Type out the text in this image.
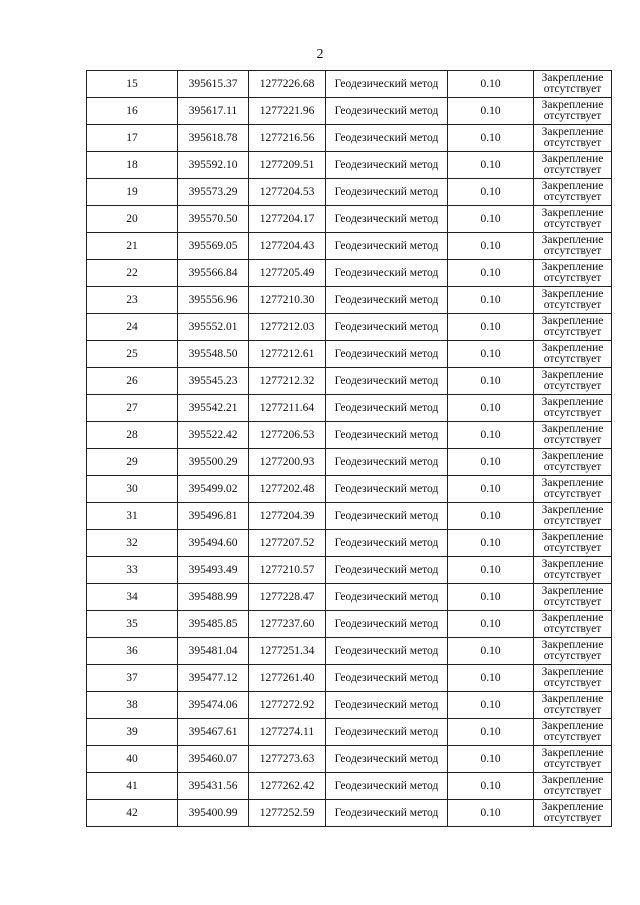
2
15	395615.37	1277226.68	Геодезический метод	0.10	Закрепление
отсутствует

16	395617.11	1277221.96	Геодезический метод	0.10	Закрепление
отсутствует

17	395618.78	1277216.56	Геодезический метод	0.10	Закрепление
отсутствует

18	395592.10	1277209.51	Геодезический метод	0.10	Закрепление
отсутствует

19	395573.29	1277204.53	Геодезический метод	0.10	Закрепление
отсутствует

20	395570.50	1277204.17	Геодезический метод	0.10	Закрепление
отсутствует

21	395569.05	1277204.43	Геодезический метод	0.10	Закрепление
отсутствует

22	395566.84	1277205.49	Геодезический метод	0.10	Закрепление
отсутствует

23	395556.96	1277210.30	Геодезический метод	0.10	Закрепление
отсутствует

24	395552.01	1277212.03	Геодезический метод	0.10	Закрепление
отсутствует

25	395548.50	1277212.61	Геодезический метод	0.10	Закрепление
отсутствует

26	395545.23	1277212.32	Геодезический метод	0.10	Закрепление
отсутствует

27	395542.21	1277211.64	Геодезический метод	0.10	Закрепление
отсутствует

28	395522.42	1277206.53	Геодезический метод	0.10	Закрепление
отсутствует

29	395500.29	1277200.93	Геодезический метод	0.10	Закрепление
отсутствует

30	395499.02	1277202.48	Геодезический метод	0.10	Закрепление
отсутствует

31	395496.81	1277204.39	Геодезический метод	0.10	Закрепление
отсутствует

32	395494.60	1277207.52	Геодезический метод	0.10	Закрепление
отсутствует

33	395493.49	1277210.57	Геодезический метод	0.10	Закрепление
отсутствует

34	395488.99	1277228.47	Геодезический метод	0.10	Закрепление
отсутствует

35	395485.85	1277237.60	Геодезический метод	0.10	Закрепление
отсутствует

36	395481.04	1277251.34	Геодезический метод	0.10	Закрепление
отсутствует

37	395477.12	1277261.40	Геодезический метод	0.10	Закрепление
отсутствует

38	395474.06	1277272.92	Геодезический метод	0.10	Закрепление
отсутствует

39	395467.61	1277274.11	Геодезический метод	0.10	Закрепление
отсутствует

40	395460.07	1277273.63	Геодезический метод	0.10	Закрепление
отсутствует

41	395431.56	1277262.42	Геодезический метод	0.10	Закрепление
отсутствует

42	395400.99	1277252.59	Геодезический метод	0.10	Закрепление
отсутствует
